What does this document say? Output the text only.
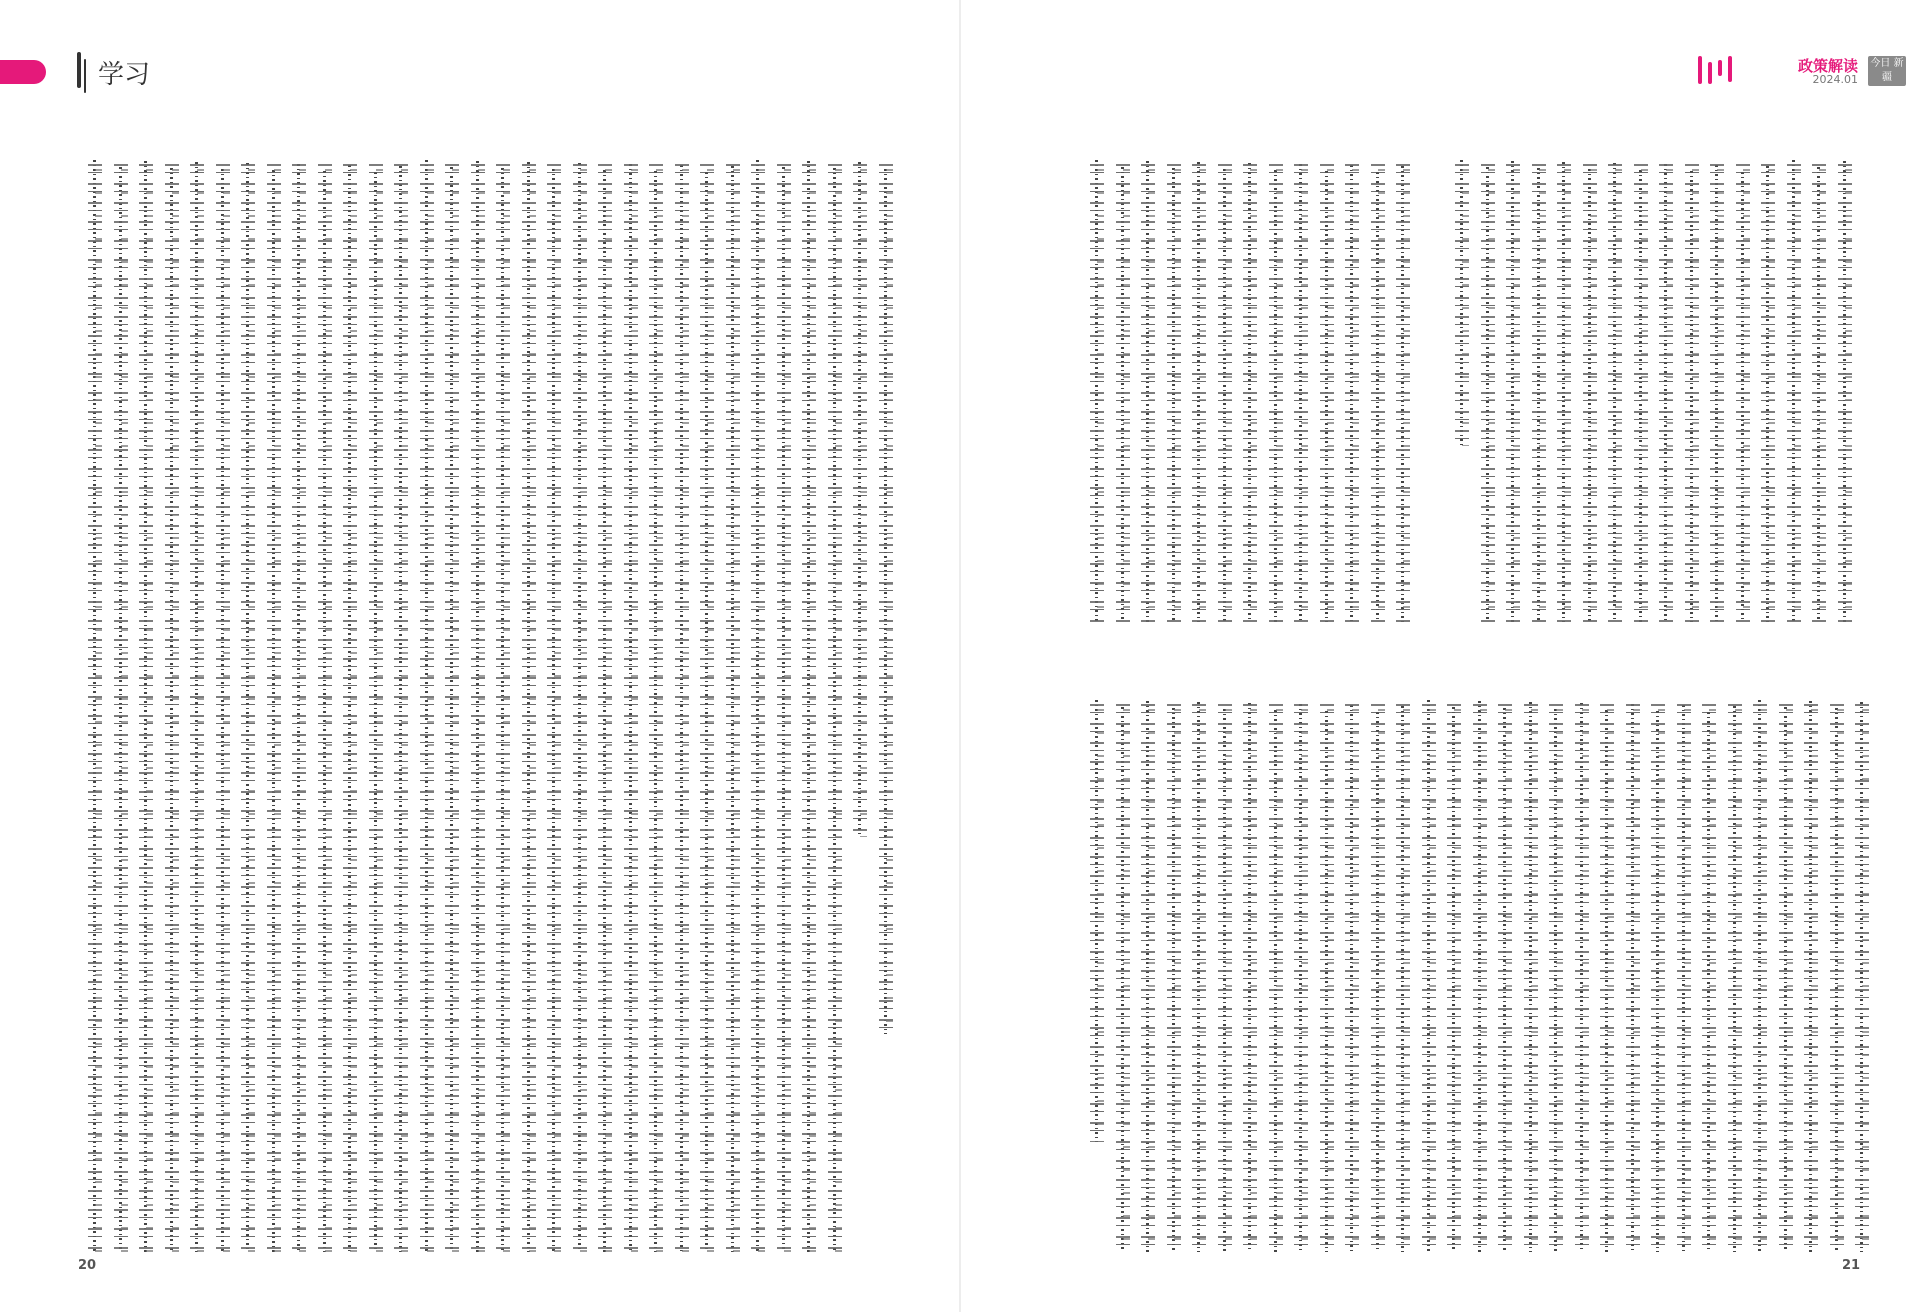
学习	政策解读
2024.01
今日 新疆
20	21
